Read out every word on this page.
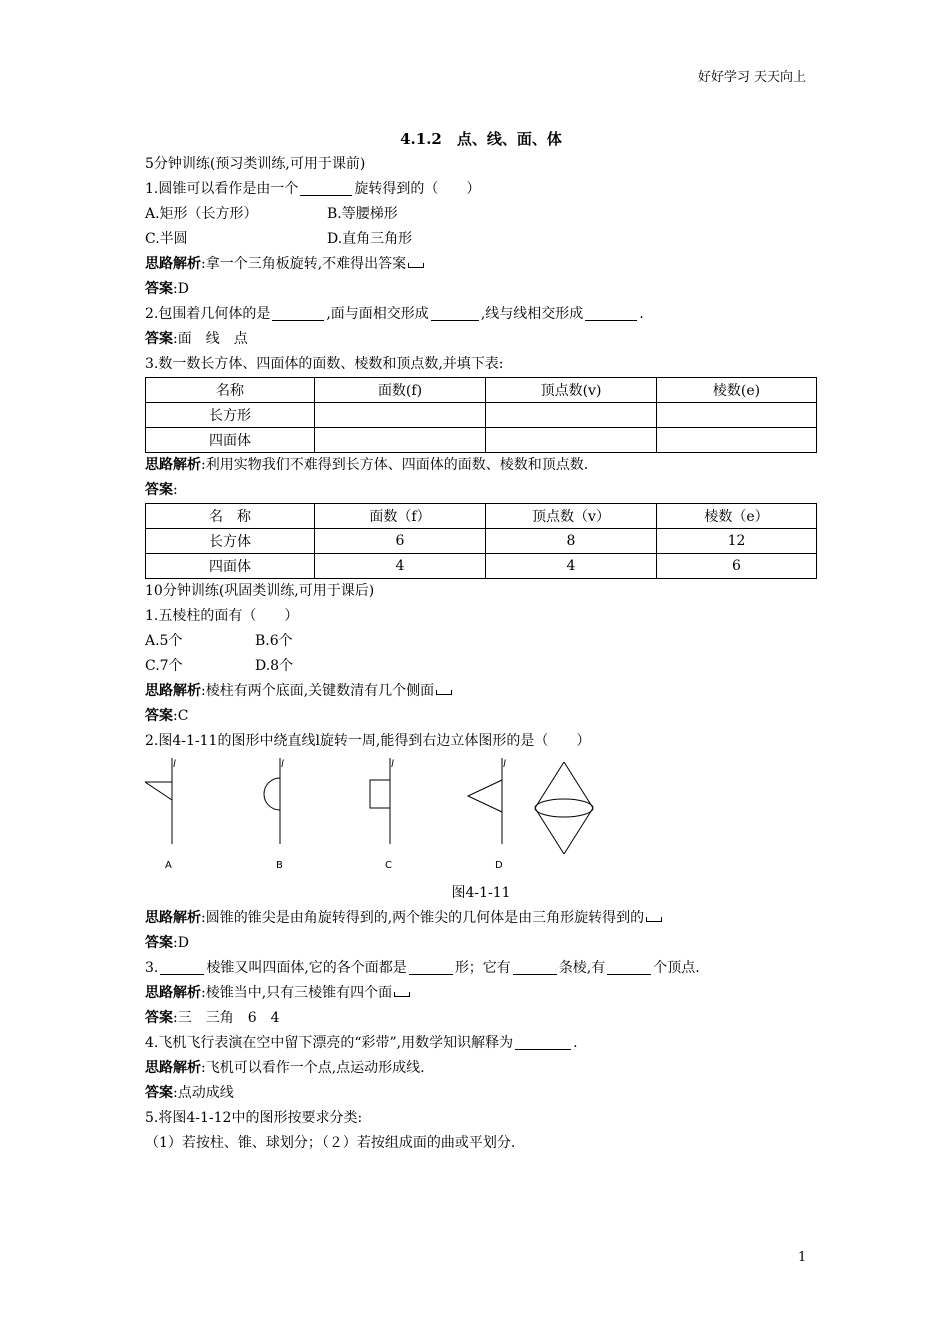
好好学习 天天向上
4.1.2　点、线、面、体
5分钟训练(预习类训练,可用于课前)
1.圆锥可以看作是由一个	旋转得到的（　　）
A.矩形（长方形）	B.等腰梯形
C.半圆	D.直角三角形
思路解析:拿一个三角板旋转,不难得出答案
答案:D
2.包围着几何体的是	,面与面相交形成	,线与线相交形成	.
答案:面　线　点
3.数一数长方体、四面体的面数、棱数和顶点数,并填下表:
名称	面数(f)	顶点数(v)	棱数(e)
长方形			
四面体			
思路解析:利用实物我们不难得到长方体、四面体的面数、棱数和顶点数.
答案:
名　称	面数（f）	顶点数（v）	棱数（e）
长方体	6	8	12
四面体	4	4	6
10分钟训练(巩固类训练,可用于课后)
1.五棱柱的面有（　　）
A.5个	B.6个
C.7个	D.8个
思路解析:棱柱有两个底面,关键数清有几个侧面
答案:C
2.图4-1-11的图形中绕直线l旋转一周,能得到右边立体图形的是（　　）
l
A
l
B
l
C
l
D
图4-1-11
思路解析:圆锥的锥尖是由角旋转得到的,两个锥尖的几何体是由三角形旋转得到的
答案:D
3.	棱锥又叫四面体,它的各个面都是	形；它有	条棱,有	个顶点.
思路解析:棱锥当中,只有三棱锥有四个面
答案:三　三角　6　4
4.飞机飞行表演在空中留下漂亮的“彩带”,用数学知识解释为	.
思路解析:飞机可以看作一个点,点运动形成线.
答案:点动成线
5.将图4-1-12中的图形按要求分类:
（1）若按柱、锥、球划分；（２）若按组成面的曲或平划分.
1
